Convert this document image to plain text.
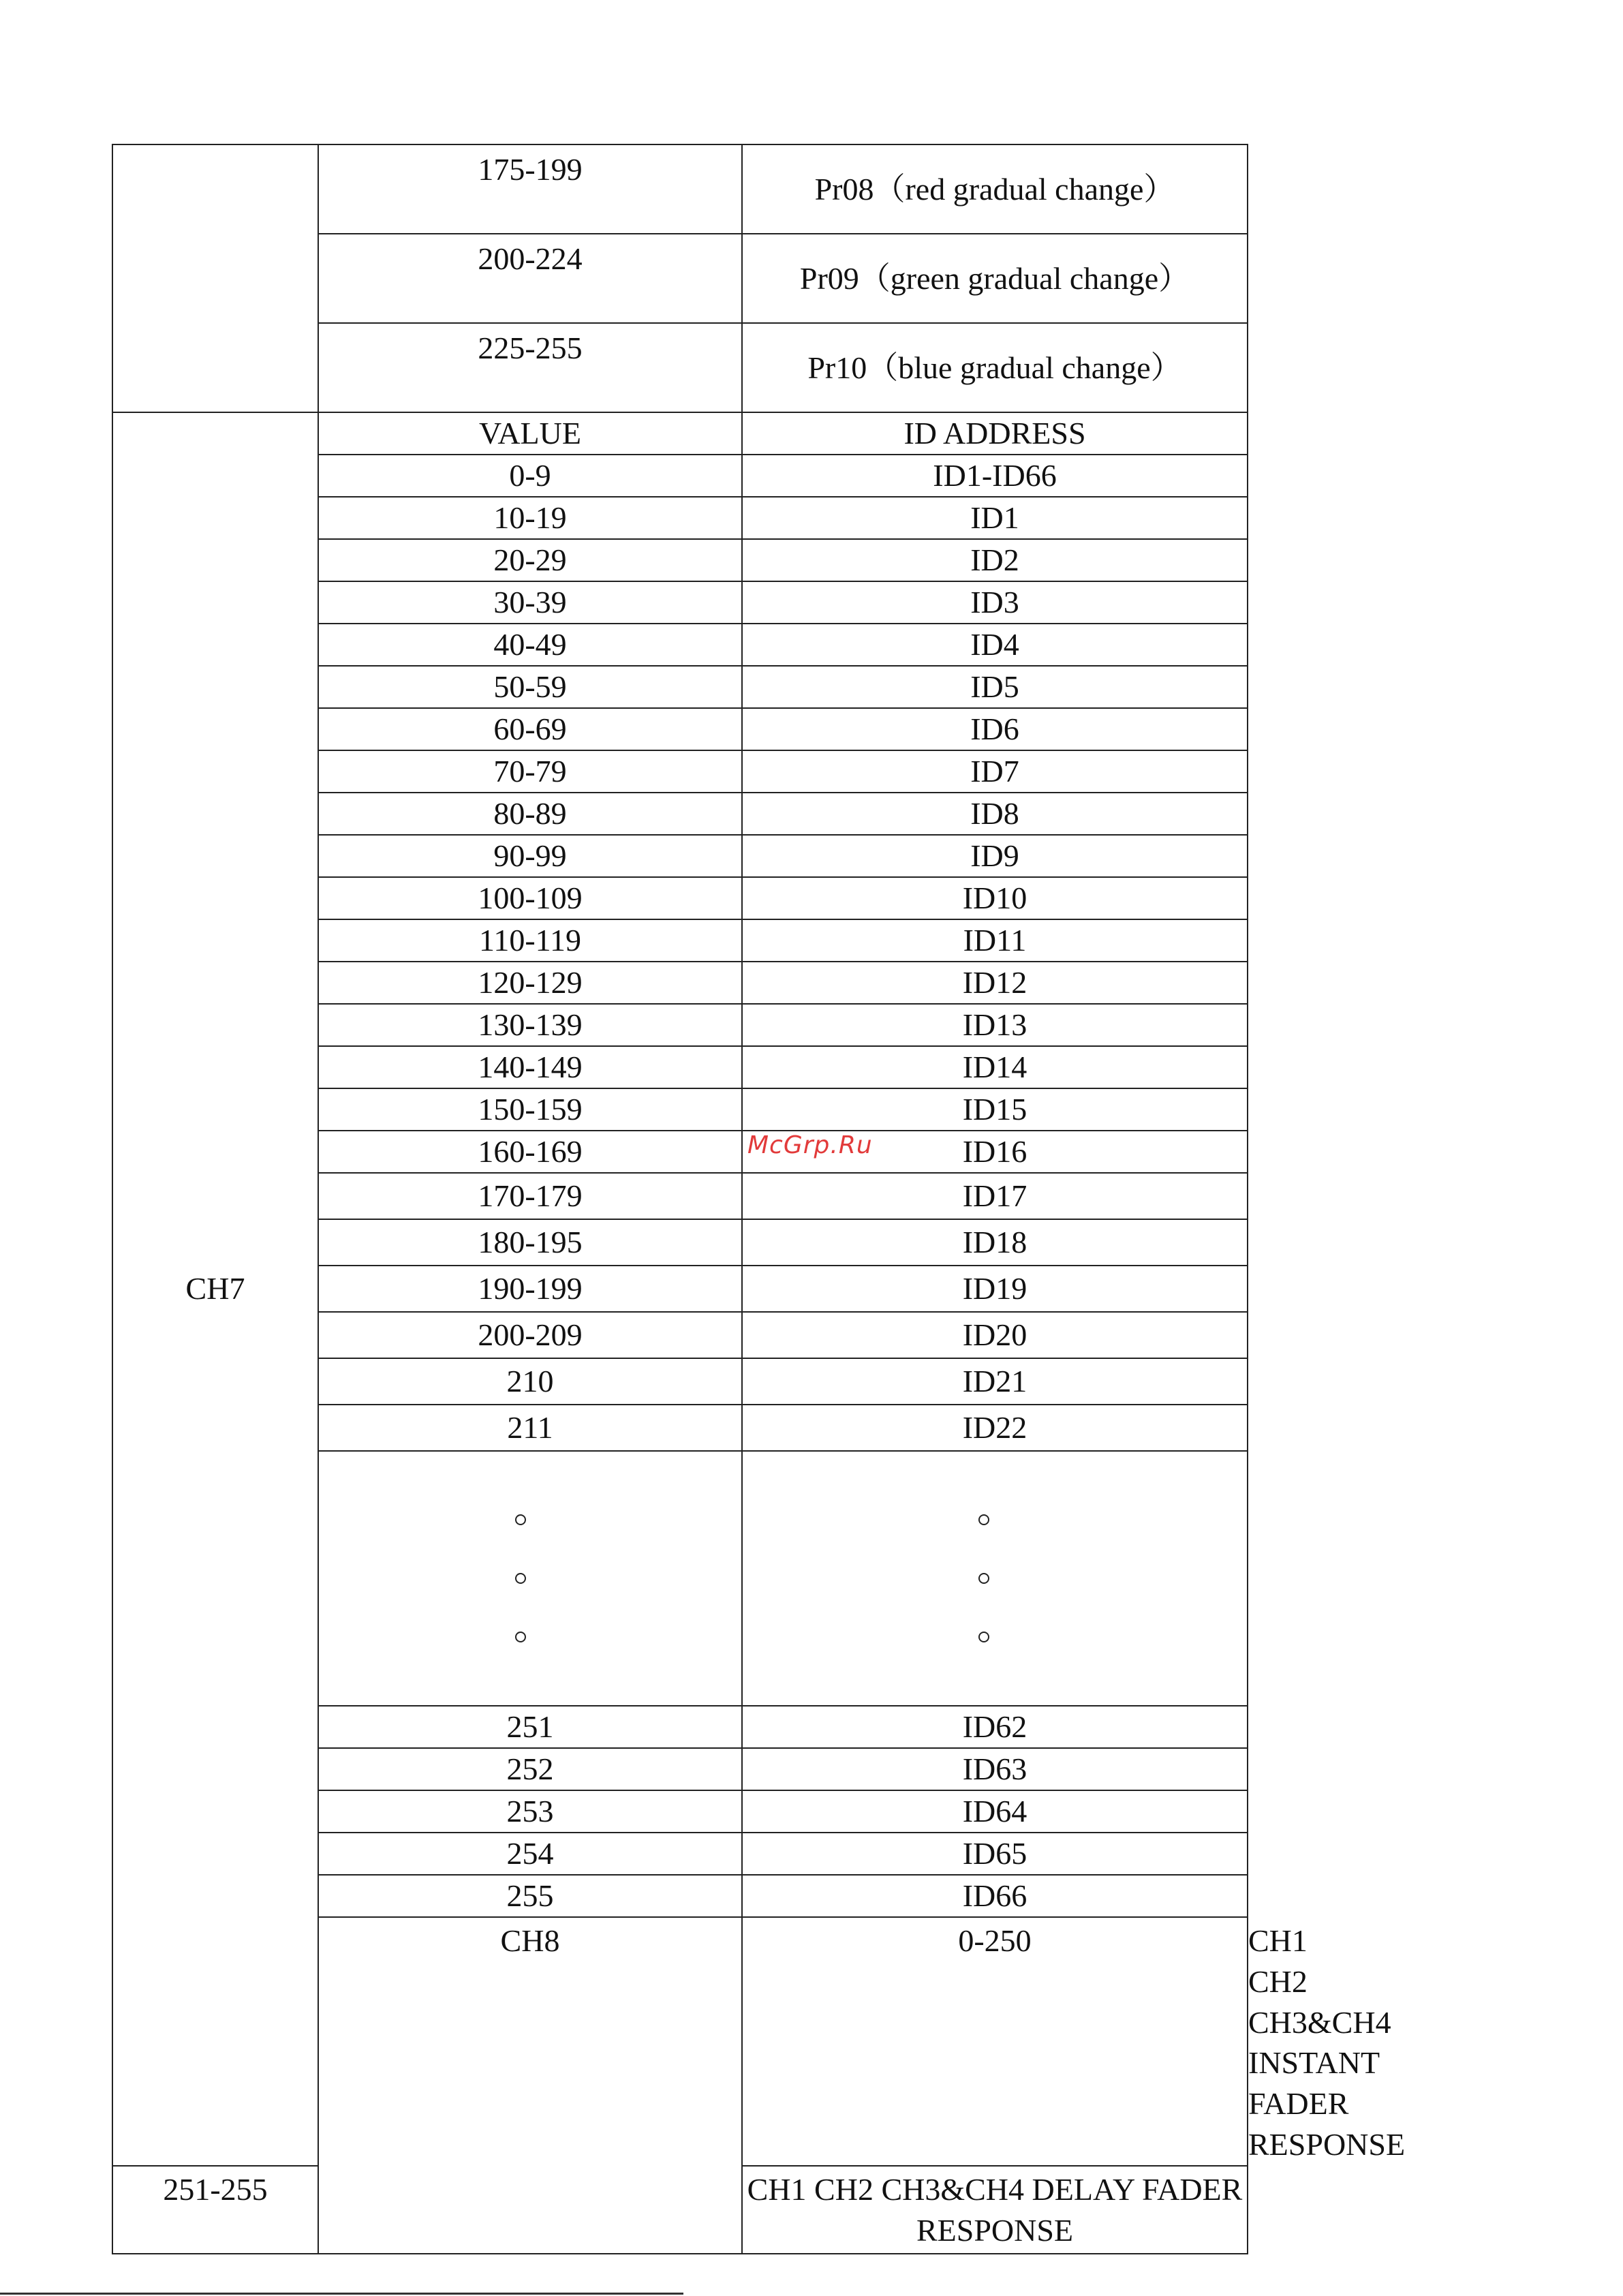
	175-199	Pr08（red gradual change）	
	200-224	Pr09（green gradual change）	
	225-255	Pr10（blue gradual change）	
CH7	VALUE	ID ADDRESS	
	0-9	ID1-ID66	
	10-19	ID1	
	20-29	ID2	
	30-39	ID3	
	40-49	ID4	
	50-59	ID5	
	60-69	ID6	
	70-79	ID7	
	80-89	ID8	
	90-99	ID9	
	100-109	ID10	
	110-119	ID11	
	120-129	ID12	
	130-139	ID13	
	140-149	ID14	
	150-159	ID15	
	160-169	ID16	
	170-179	ID17	
	180-195	ID18	
	190-199	ID19	
	200-209	ID20	
	210	ID21	
	211	ID22	

	251	ID62	
	252	ID63	
	253	ID64	
	254	ID65	
	255	ID66	
	CH8	0-250	CH1 CH2 CH3&CH4 INSTANT FADER RESPONSE
251-255		CH1 CH2 CH3&CH4 DELAY FADER RESPONSE	
McGrp.Ru
